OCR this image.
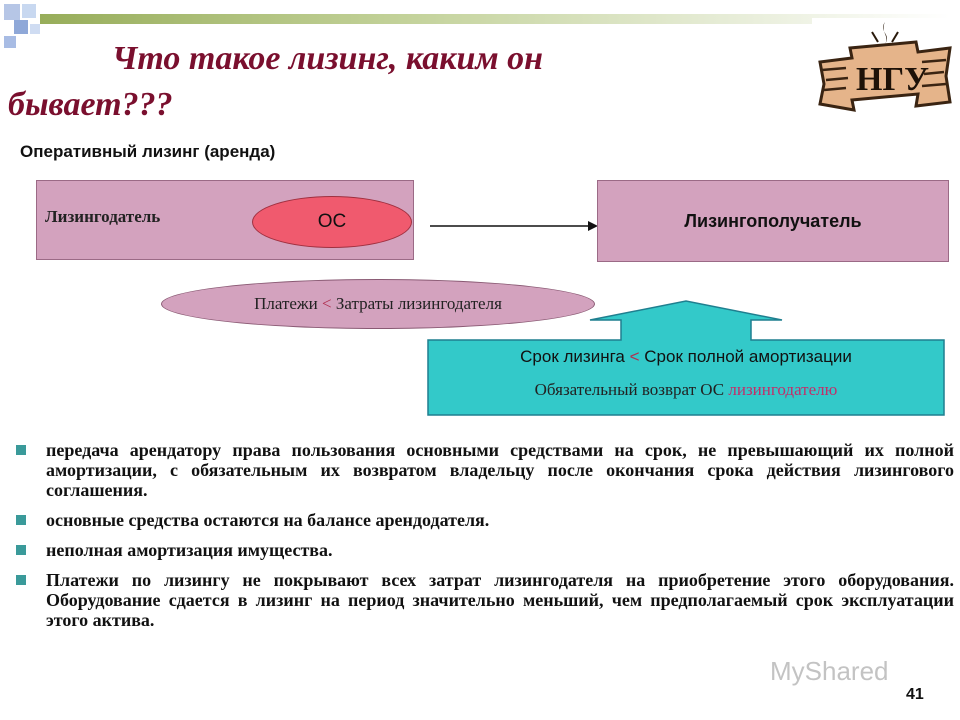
НГУ
Что такое лизинг, каким он
бывает???
Оперативный лизинг (аренда)
Лизингодатель	ОС	Лизингополучатель
Платежи
<
Затраты лизингодателя
Срок лизинга < Срок полной амортизации
Обязательный возврат ОС лизингодателю
передача арендатору права пользования основными средствами на срок, не превышающий их полной амортизации, с обязательным их возвратом владельцу после окончания срока действия лизингового соглашения.
основные средства остаются на балансе арендодателя.
неполная амортизация имущества.
Платежи по лизингу не покрывают всех затрат лизингодателя на приобретение этого оборудования. Оборудование сдается в лизинг на период значительно меньший, чем предполагаемый срок эксплуатации этого актива.
MyShared
41
